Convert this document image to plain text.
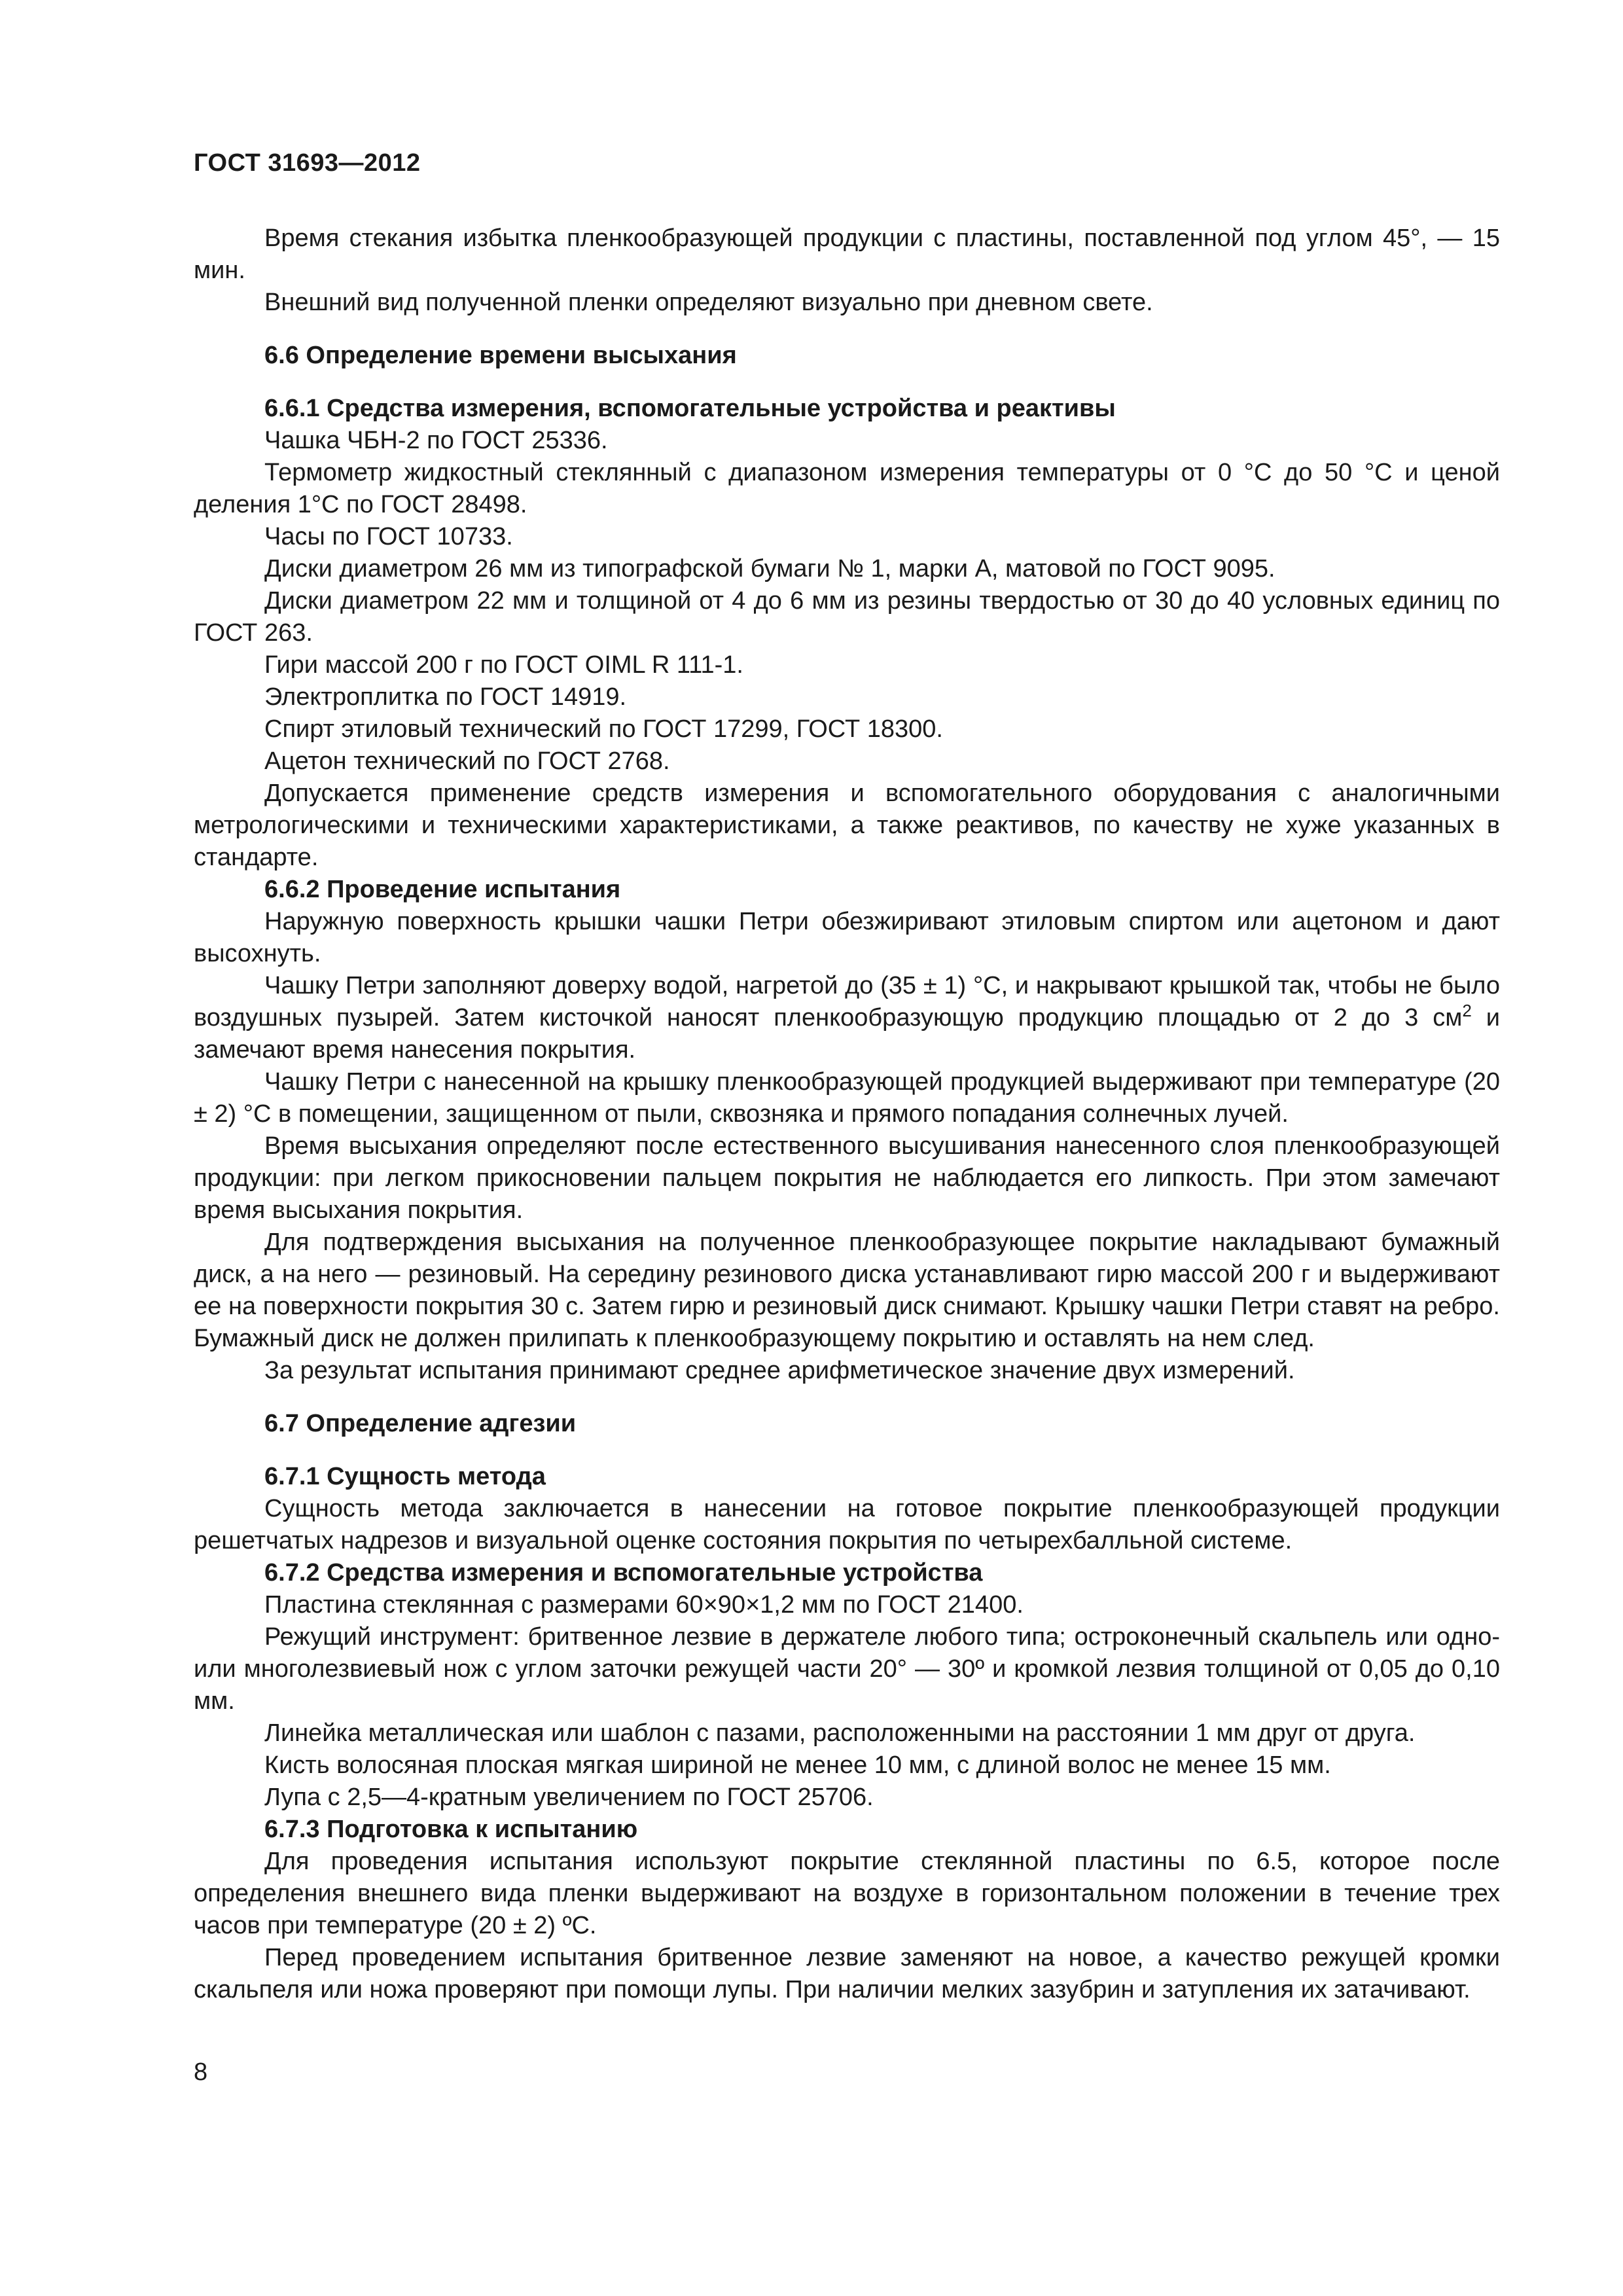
ГОСТ 31693—2012

Время стекания избытка пленкообразующей продукции с пластины, поставленной под углом 45°, — 15 мин.

Внешний вид полученной пленки определяют визуально при дневном свете.

6.6 Определение времени высыхания
6.6.1 Средства измерения, вспомогательные устройства и реактивы

Чашка ЧБН-2 по ГОСТ 25336.

Термометр жидкостный стеклянный с диапазоном измерения температуры от 0 °С до 50 °С и ценой деления 1°С по ГОСТ 28498.

Часы по ГОСТ 10733.

Диски диаметром 26 мм из типографской бумаги № 1, марки А, матовой по ГОСТ 9095.

Диски диаметром 22 мм и толщиной от 4 до 6 мм из резины твердостью от 30 до 40 условных единиц по ГОСТ 263.

Гири массой 200 г по ГОСТ OIML R 111-1.

Электроплитка по ГОСТ 14919.

Спирт этиловый технический по ГОСТ 17299, ГОСТ 18300.

Ацетон технический по ГОСТ 2768.

Допускается применение средств измерения и вспомогательного оборудования с аналогичными метрологическими и техническими характеристиками, а также реактивов, по качеству не хуже указанных в стандарте.

6.6.2 Проведение испытания

Наружную поверхность крышки чашки Петри обезжиривают этиловым спиртом или ацетоном и дают высохнуть.

Чашку Петри заполняют доверху водой, нагретой до (35 ± 1) °С, и накрывают крышкой так, чтобы не было воздушных пузырей. Затем кисточкой наносят пленкообразующую продукцию площадью от 2 до 3 $см^2$ и замечают время нанесения покрытия.

Чашку Петри с нанесенной на крышку пленкообразующей продукцией выдерживают при температуре (20 ± 2) °С в помещении, защищенном от пыли, сквозняка и прямого попадания солнечных лучей.

Время высыхания определяют после естественного высушивания нанесенного слоя пленкообразующей продукции: при легком прикосновении пальцем покрытия не наблюдается его липкость. При этом замечают время высыхания покрытия.

Для подтверждения высыхания на полученное пленкообразующее покрытие накладывают бумажный диск, а на него — резиновый. На середину резинового диска устанавливают гирю массой 200 г и выдерживают ее на поверхности покрытия 30 с. Затем гирю и резиновый диск снимают. Крышку чашки Петри ставят на ребро. Бумажный диск не должен прилипать к пленкообразующему покрытию и оставлять на нем след.

За результат испытания принимают среднее арифметическое значение двух измерений.

6.7 Определение адгезии
6.7.1 Сущность метода

Сущность метода заключается в нанесении на готовое покрытие пленкообразующей продукции решетчатых надрезов и визуальной оценке состояния покрытия по четырехбалльной системе.

6.7.2 Средства измерения и вспомогательные устройства

Пластина стеклянная с размерами 60×90×1,2 мм по ГОСТ 21400.

Режущий инструмент: бритвенное лезвие в держателе любого типа; остроконечный скальпель или одно- или многолезвиевый нож с углом заточки режущей части 20° — 30º и кромкой лезвия толщиной от 0,05 до 0,10 мм.

Линейка металлическая или шаблон с пазами, расположенными на расстоянии 1 мм друг от друга.

Кисть волосяная плоская мягкая шириной не менее 10 мм, с длиной волос не менее 15 мм.

Лупа с 2,5—4-кратным увеличением по ГОСТ 25706.

6.7.3 Подготовка к испытанию

Для проведения испытания используют покрытие стеклянной пластины по 6.5, которое после определения внешнего вида пленки выдерживают на воздухе в горизонтальном положении в течение трех часов при температуре (20 ± 2) ºС.

Перед проведением испытания бритвенное лезвие заменяют на новое, а качество режущей кромки скальпеля или ножа проверяют при помощи лупы. При наличии мелких зазубрин и затупления их затачивают.

8
